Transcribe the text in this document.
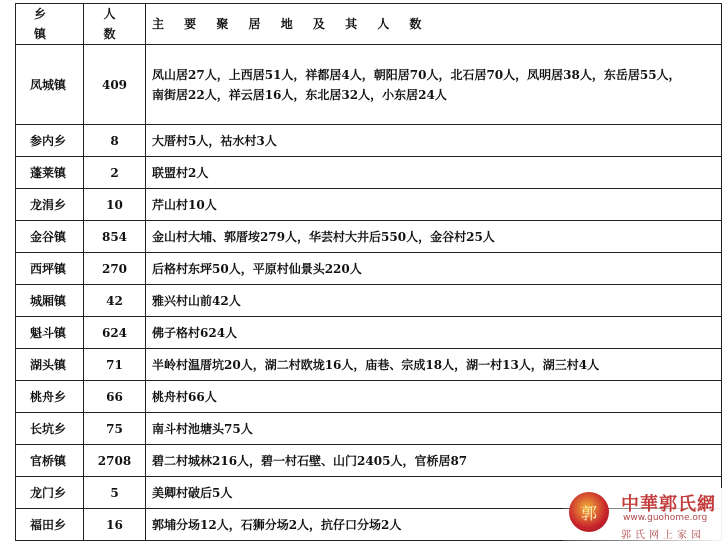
乡 镇	人 数	主 要 聚 居 地 及 其 人 数
凤城镇	409	凤山居27人，上西居51人，祥都居4人，朝阳居70人，北石居70人，凤明居38人，东岳居55人，
南街居22人，祥云居16人，东北居32人，小东居24人

参内乡	8	大厝村5人，祜水村3人

蓬莱镇	2	联盟村2人

龙涓乡	10	芹山村10人

金谷镇	854	金山村大埔、郭厝垵279人，华芸村大井后550人，金谷村25人

西坪镇	270	后格村东坪50人，平原村仙景头220人

城厢镇	42	雅兴村山前42人

魁斗镇	624	佛子格村624人

湖头镇	71	半岭村温厝坑20人，湖二村欧垅16人，庙巷、宗成18人，湖一村13人，湖三村4人

桃舟乡	66	桃舟村66人

长坑乡	75	南斗村池塘头75人

官桥镇	2708	碧二村城林216人，碧一村石壁、山门2405人，官桥居87

龙门乡	5	美卿村破后5人

福田乡	16	郭埔分场12人，石狮分场2人，抗仔口分场2人
郭 中華郭氏網
www.guohome.org
郭氏网上家园
